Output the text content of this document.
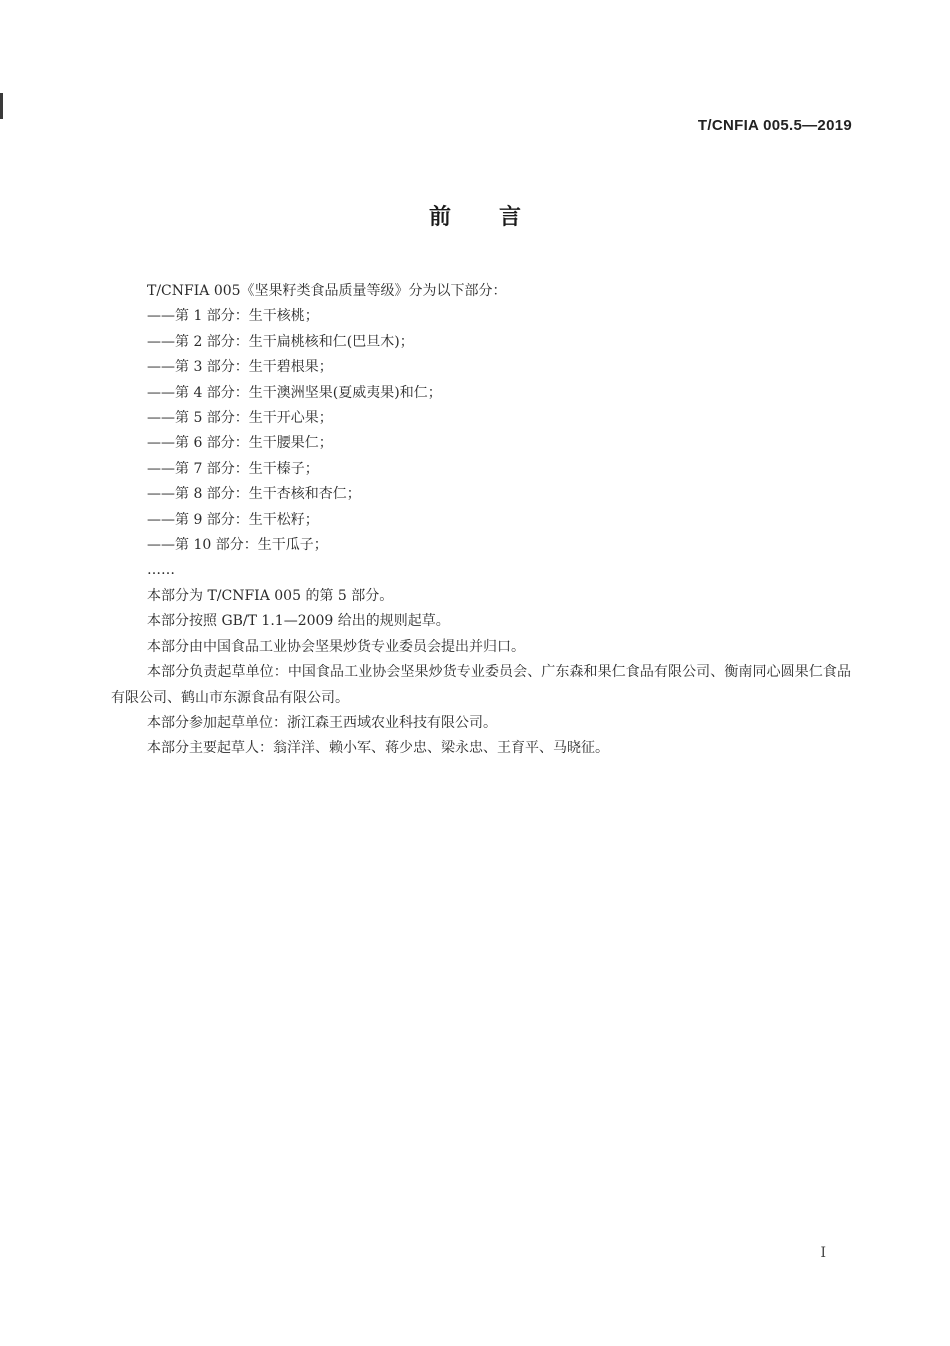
T/CNFIA 005.5—2019
前言

T/CNFIA 005《坚果籽类食品质量等级》分为以下部分：

——第 1 部分：生干核桃；

——第 2 部分：生干扁桃核和仁(巴旦木)；

——第 3 部分：生干碧根果；

——第 4 部分：生干澳洲坚果(夏威夷果)和仁；

——第 5 部分：生干开心果；

——第 6 部分：生干腰果仁；

——第 7 部分：生干榛子；

——第 8 部分：生干杏核和杏仁；

——第 9 部分：生干松籽；

——第 10 部分：生干瓜子；

……

本部分为 T/CNFIA 005 的第 5 部分。

本部分按照 GB/T 1.1—2009 给出的规则起草。

本部分由中国食品工业协会坚果炒货专业委员会提出并归口。

本部分负责起草单位：中国食品工业协会坚果炒货专业委员会、广东森和果仁食品有限公司、衡南同心圆果仁食品有限公司、鹤山市东源食品有限公司。

本部分参加起草单位：浙江森王西域农业科技有限公司。

本部分主要起草人：翁洋洋、赖小军、蒋少忠、梁永忠、王育平、马晓征。

I
